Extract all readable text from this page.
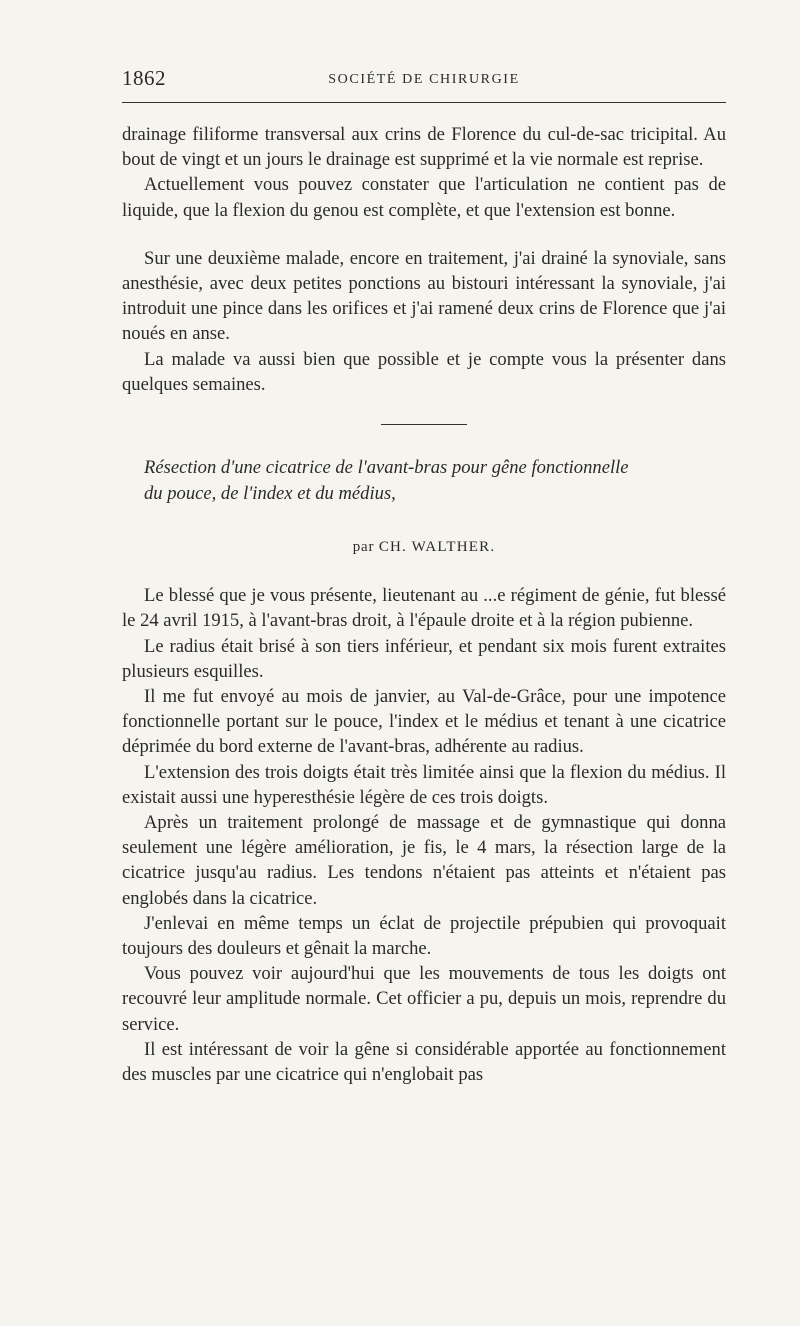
1862	SOCIÉTÉ DE CHIRURGIE

drainage filiforme transversal aux crins de Florence du cul-de-sac tricipital. Au bout de vingt et un jours le drainage est supprimé et la vie normale est reprise.

Actuellement vous pouvez constater que l'articulation ne contient pas de liquide, que la flexion du genou est complète, et que l'extension est bonne.

Sur une deuxième malade, encore en traitement, j'ai drainé la synoviale, sans anesthésie, avec deux petites ponctions au bistouri intéressant la synoviale, j'ai introduit une pince dans les orifices et j'ai ramené deux crins de Florence que j'ai noués en anse.

La malade va aussi bien que possible et je compte vous la présenter dans quelques semaines.

Résection d'une cicatrice de l'avant-bras pour gêne fonctionnelle

du pouce, de l'index et du médius,

par CH. WALTHER.

Le blessé que je vous présente, lieutenant au ...e régiment de génie, fut blessé le 24 avril 1915, à l'avant-bras droit, à l'épaule droite et à la région pubienne.

Le radius était brisé à son tiers inférieur, et pendant six mois furent extraites plusieurs esquilles.

Il me fut envoyé au mois de janvier, au Val-de-Grâce, pour une impotence fonctionnelle portant sur le pouce, l'index et le médius et tenant à une cicatrice déprimée du bord externe de l'avant-bras, adhérente au radius.

L'extension des trois doigts était très limitée ainsi que la flexion du médius. Il existait aussi une hyperesthésie légère de ces trois doigts.

Après un traitement prolongé de massage et de gymnastique qui donna seulement une légère amélioration, je fis, le 4 mars, la résection large de la cicatrice jusqu'au radius. Les tendons n'étaient pas atteints et n'étaient pas englobés dans la cicatrice.

J'enlevai en même temps un éclat de projectile prépubien qui provoquait toujours des douleurs et gênait la marche.

Vous pouvez voir aujourd'hui que les mouvements de tous les doigts ont recouvré leur amplitude normale. Cet officier a pu, depuis un mois, reprendre du service.

Il est intéressant de voir la gêne si considérable apportée au fonctionnement des muscles par une cicatrice qui n'englobait pas
